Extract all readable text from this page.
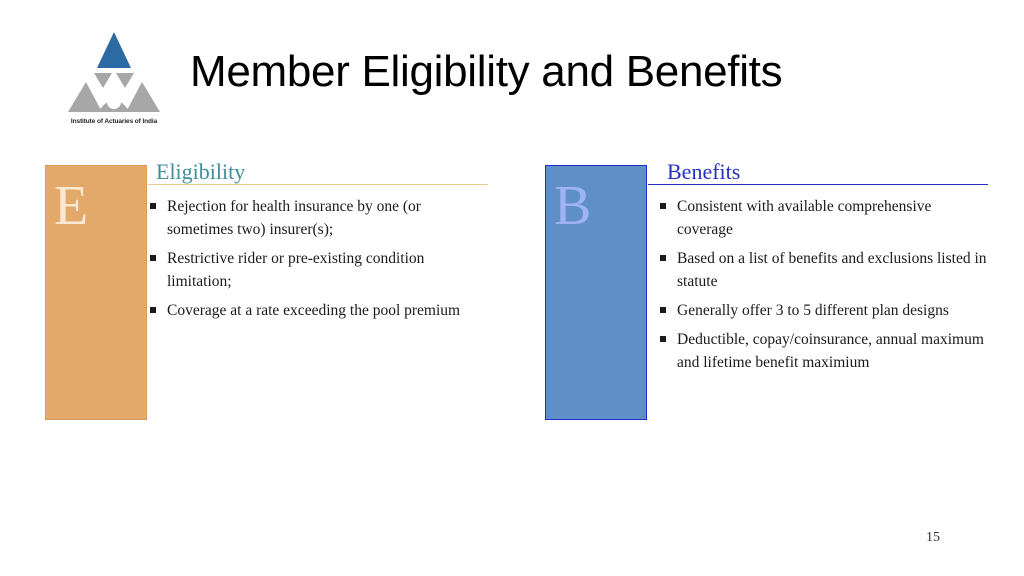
Institute of Actuaries of India
Member Eligibility and Benefits
E
Eligibility
Rejection for health insurance by one (or sometimes two) insurer(s);
Restrictive rider or pre-existing condition limitation;
Coverage at a rate exceeding the pool premium
B
Benefits
Consistent with available comprehensive coverage
Based on a list of benefits and exclusions listed in statute
Generally offer 3 to 5 different plan designs
Deductible, copay/coinsurance, annual maximum and lifetime benefit maximium
15
